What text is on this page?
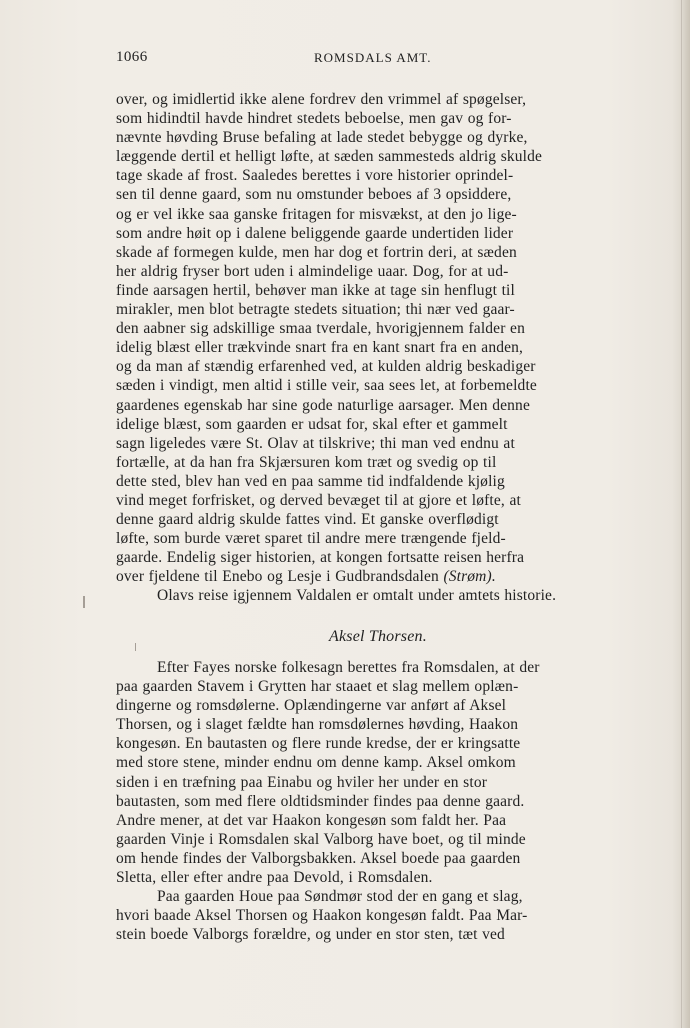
1066	ROMSDALS AMT.
over, og imidlertid ikke alene fordrev den vrimmel af spøgelser,
som hidindtil havde hindret stedets beboelse, men gav og for-
nævnte høvding Bruse befaling at lade stedet bebygge og dyrke,
læggende dertil et helligt løfte, at sæden sammesteds aldrig skulde
tage skade af frost. Saaledes berettes i vore historier oprindel-
sen til denne gaard, som nu omstunder beboes af 3 opsiddere,
og er vel ikke saa ganske fritagen for misvækst, at den jo lige-
som andre høit op i dalene beliggende gaarde undertiden lider
skade af formegen kulde, men har dog et fortrin deri, at sæden
her aldrig fryser bort uden i almindelige uaar. Dog, for at ud-
finde aarsagen hertil, behøver man ikke at tage sin henflugt til
mirakler, men blot betragte stedets situation; thi nær ved gaar-
den aabner sig adskillige smaa tverdale, hvorigjennem falder en
idelig blæst eller trækvinde snart fra en kant snart fra en anden,
og da man af stændig erfarenhed ved, at kulden aldrig beskadiger
sæden i vindigt, men altid i stille veir, saa sees let, at forbemeldte
gaardenes egenskab har sine gode naturlige aarsager. Men denne
idelige blæst, som gaarden er udsat for, skal efter et gammelt
sagn ligeledes være St. Olav at tilskrive; thi man ved endnu at
fortælle, at da han fra Skjærsuren kom træt og svedig op til
dette sted, blev han ved en paa samme tid indfaldende kjølig
vind meget forfrisket, og derved bevæget til at gjore et løfte, at
denne gaard aldrig skulde fattes vind. Et ganske overflødigt
løfte, som burde været sparet til andre mere trængende fjeld-
gaarde. Endelig siger historien, at kongen fortsatte reisen herfra
over fjeldene til Enebo og Lesje i Gudbrandsdalen (Strøm).
Olavs reise igjennem Valdalen er omtalt under amtets historie.
Aksel Thorsen.
Efter Fayes norske folkesagn berettes fra Romsdalen, at der
paa gaarden Stavem i Grytten har staaet et slag mellem oplæn-
dingerne og romsdølerne. Oplændingerne var anført af Aksel
Thorsen, og i slaget fældte han romsdølernes høvding, Haakon
kongesøn. En bautasten og flere runde kredse, der er kringsatte
med store stene, minder endnu om denne kamp. Aksel omkom
siden i en træfning paa Einabu og hviler her under en stor
bautasten, som med flere oldtidsminder findes paa denne gaard.
Andre mener, at det var Haakon kongesøn som faldt her. Paa
gaarden Vinje i Romsdalen skal Valborg have boet, og til minde
om hende findes der Valborgsbakken. Aksel boede paa gaarden
Sletta, eller efter andre paa Devold, i Romsdalen.
Paa gaarden Houe paa Søndmør stod der en gang et slag,
hvori baade Aksel Thorsen og Haakon kongesøn faldt. Paa Mar-
stein boede Valborgs forældre, og under en stor sten, tæt ved
